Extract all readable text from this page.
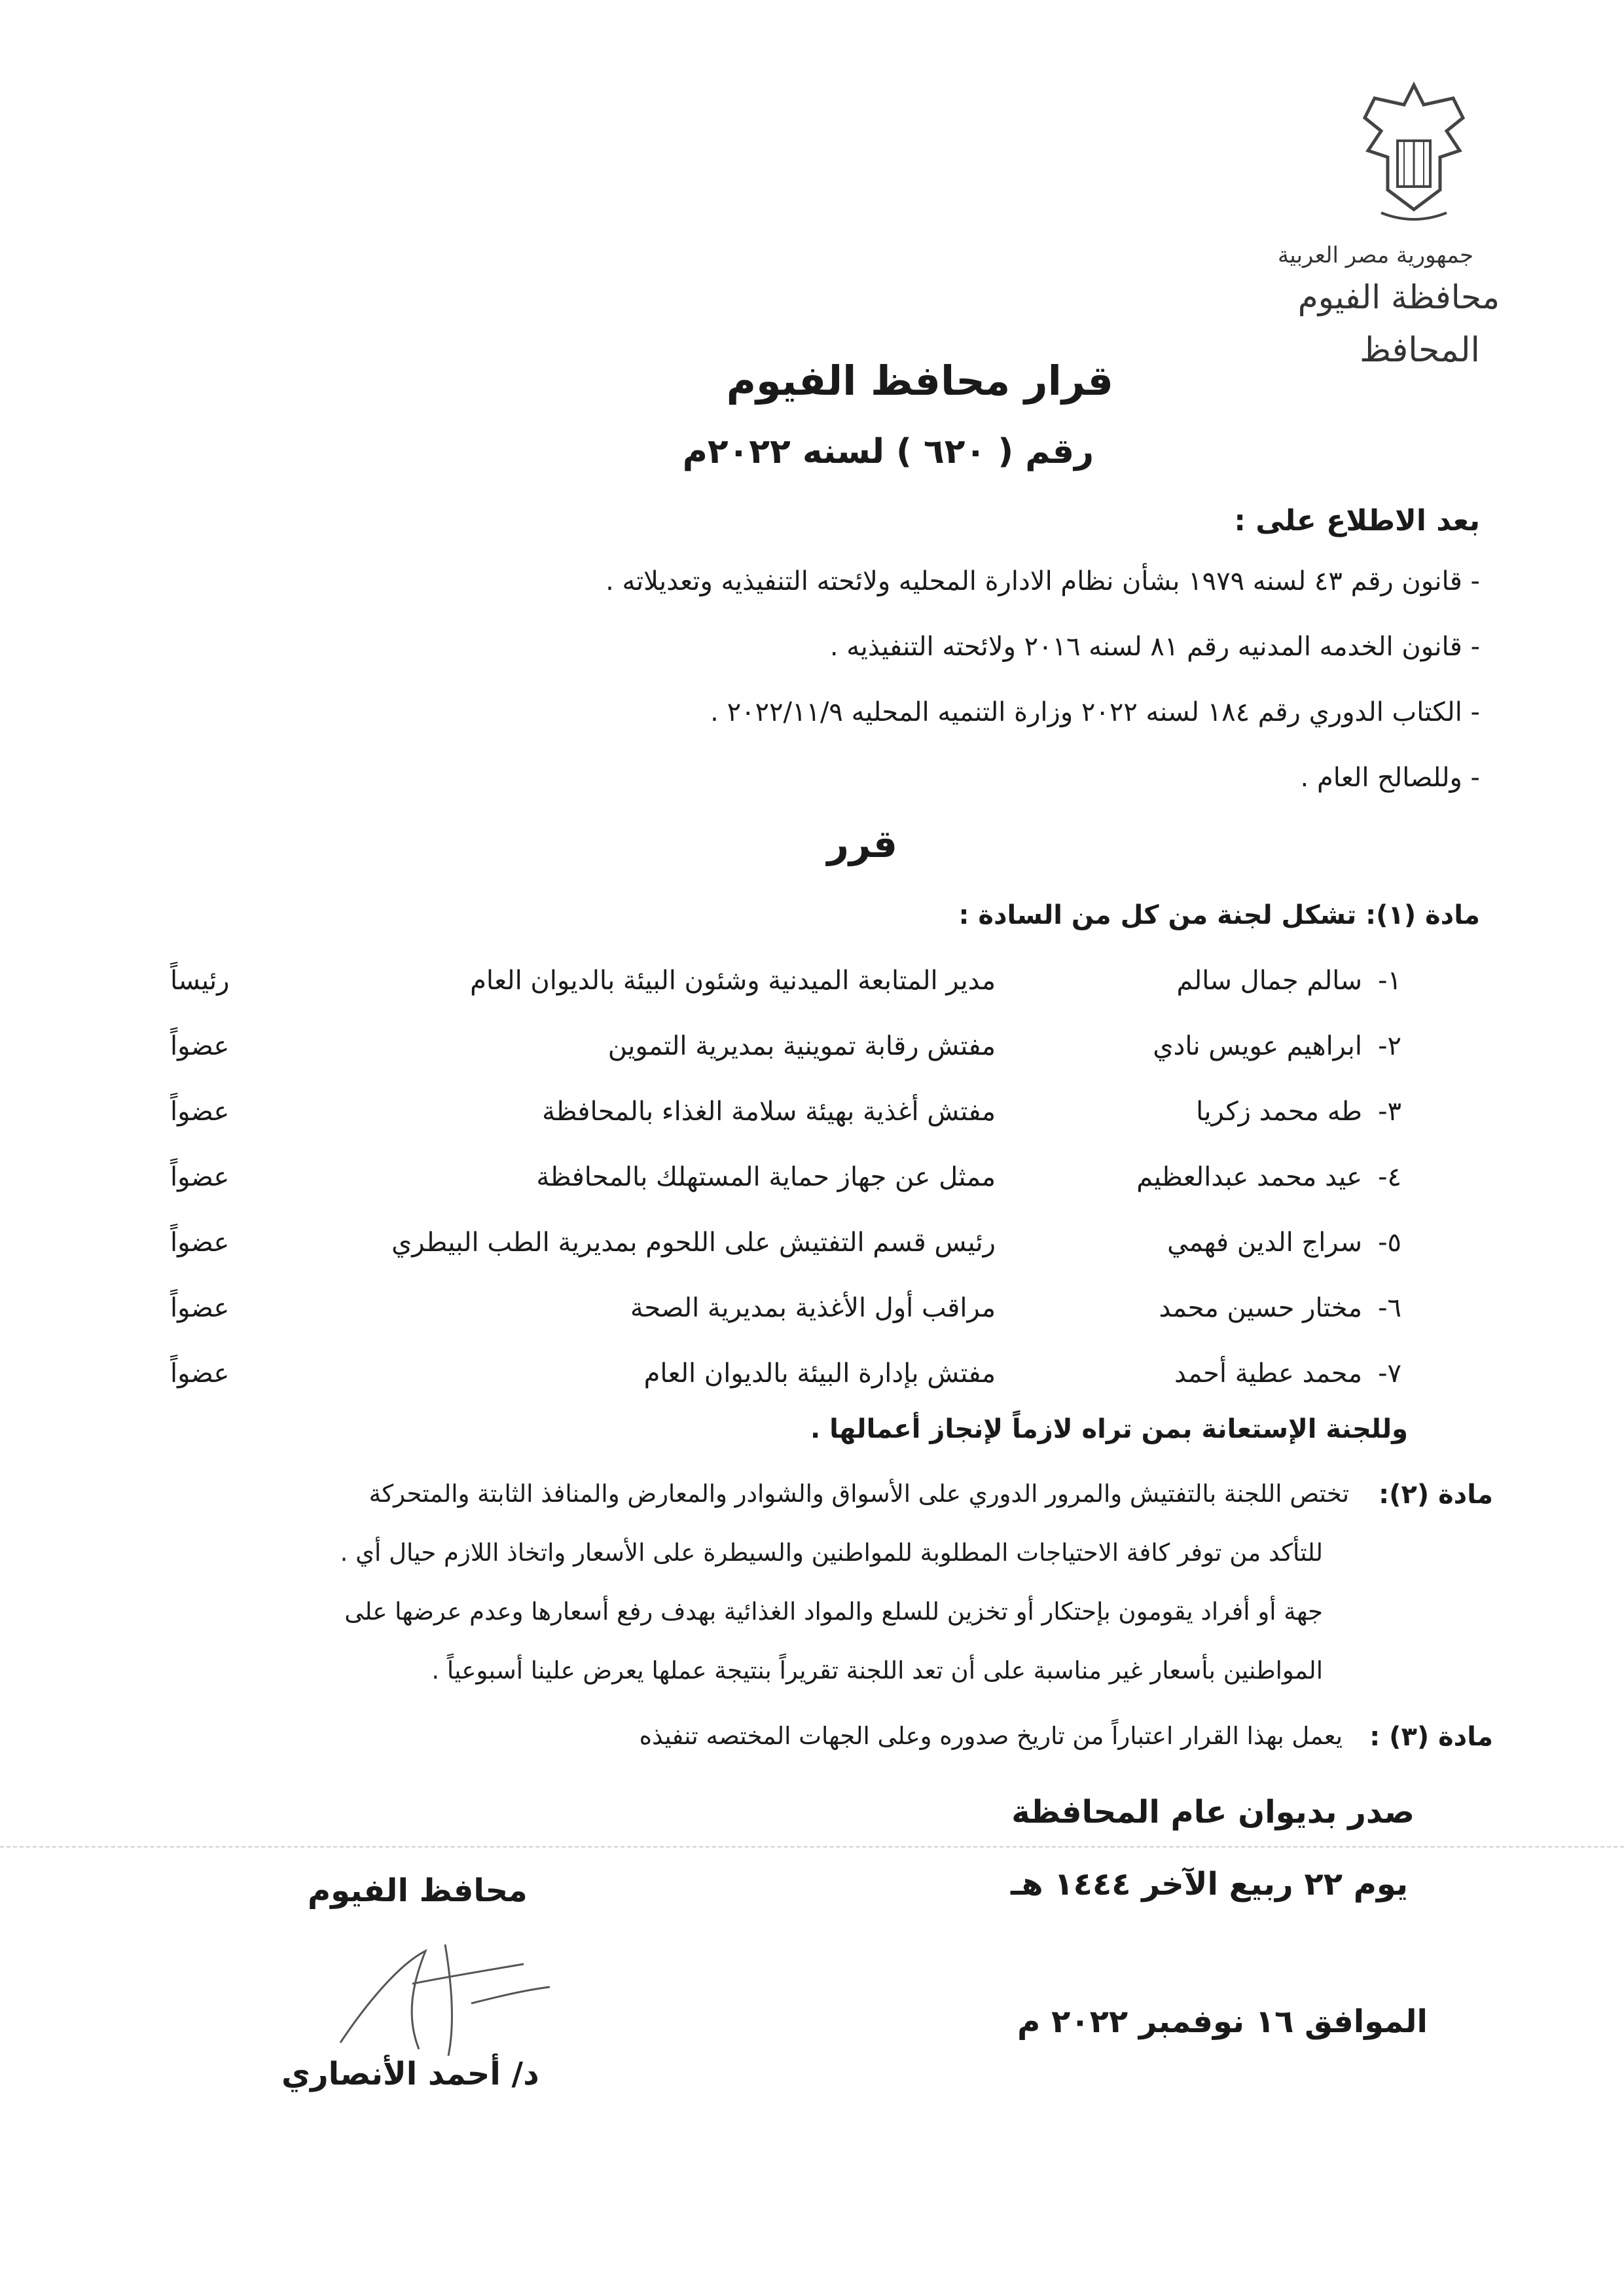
جمهورية مصر العربية
محافظة الفيوم
المحافظ
قرار محافظ الفيوم
رقم ( ٦٢٠ ) لسنه ٢٠٢٢م
بعد الاطلاع على :
- قانون رقم ٤٣ لسنه ١٩٧٩ بشأن نظام الادارة المحليه ولائحته التنفيذيه وتعديلاته .
- قانون الخدمه المدنيه رقم ٨١ لسنه ٢٠١٦ ولائحته التنفيذيه .
- الكتاب الدوري رقم ١٨٤ لسنه ٢٠٢٢ وزارة التنميه المحليه ٢٠٢٢/١١/٩ .
- وللصالح العام .
قرر
مادة (١): تشكل لجنة من كل من السادة :
١-
سالم جمال سالم
مدير المتابعة الميدنية وشئون البيئة بالديوان العام
رئيساً
٢-
ابراهيم عويس نادي
مفتش رقابة تموينية بمديرية التموين
عضواً
٣-
طه محمد زكريا
مفتش أغذية بهيئة سلامة الغذاء بالمحافظة
عضواً
٤-
عيد محمد عبدالعظيم
ممثل عن جهاز حماية المستهلك بالمحافظة
عضواً
٥-
سراج الدين فهمي
رئيس قسم التفتيش على اللحوم بمديرية الطب البيطري
عضواً
٦-
مختار حسين محمد
مراقب أول الأغذية بمديرية الصحة
عضواً
٧-
محمد عطية أحمد
مفتش بإدارة البيئة بالديوان العام
عضواً
وللجنة الإستعانة بمن تراه لازماً لإنجاز أعمالها .
مادة (٢):
تختص اللجنة بالتفتيش والمرور الدوري على الأسواق والشوادر والمعارض والمنافذ الثابتة والمتحركة
للتأكد من توفر كافة الاحتياجات المطلوبة للمواطنين والسيطرة على الأسعار واتخاذ اللازم حيال أي .
جهة أو أفراد يقومون بإحتكار أو تخزين للسلع والمواد الغذائية بهدف رفع أسعارها وعدم عرضها على
المواطنين بأسعار غير مناسبة على أن تعد اللجنة تقريراً بنتيجة عملها يعرض علينا أسبوعياً .
مادة (٣) :
يعمل بهذا القرار اعتباراً من تاريخ صدوره وعلى الجهات المختصه تنفيذه
صدر بديوان عام المحافظة
يوم ٢٢ ربيع الآخر ١٤٤٤ هـ
الموافق ١٦ نوفمبر ٢٠٢٢ م
محافظ الفيوم
د/ أحمد الأنصاري
